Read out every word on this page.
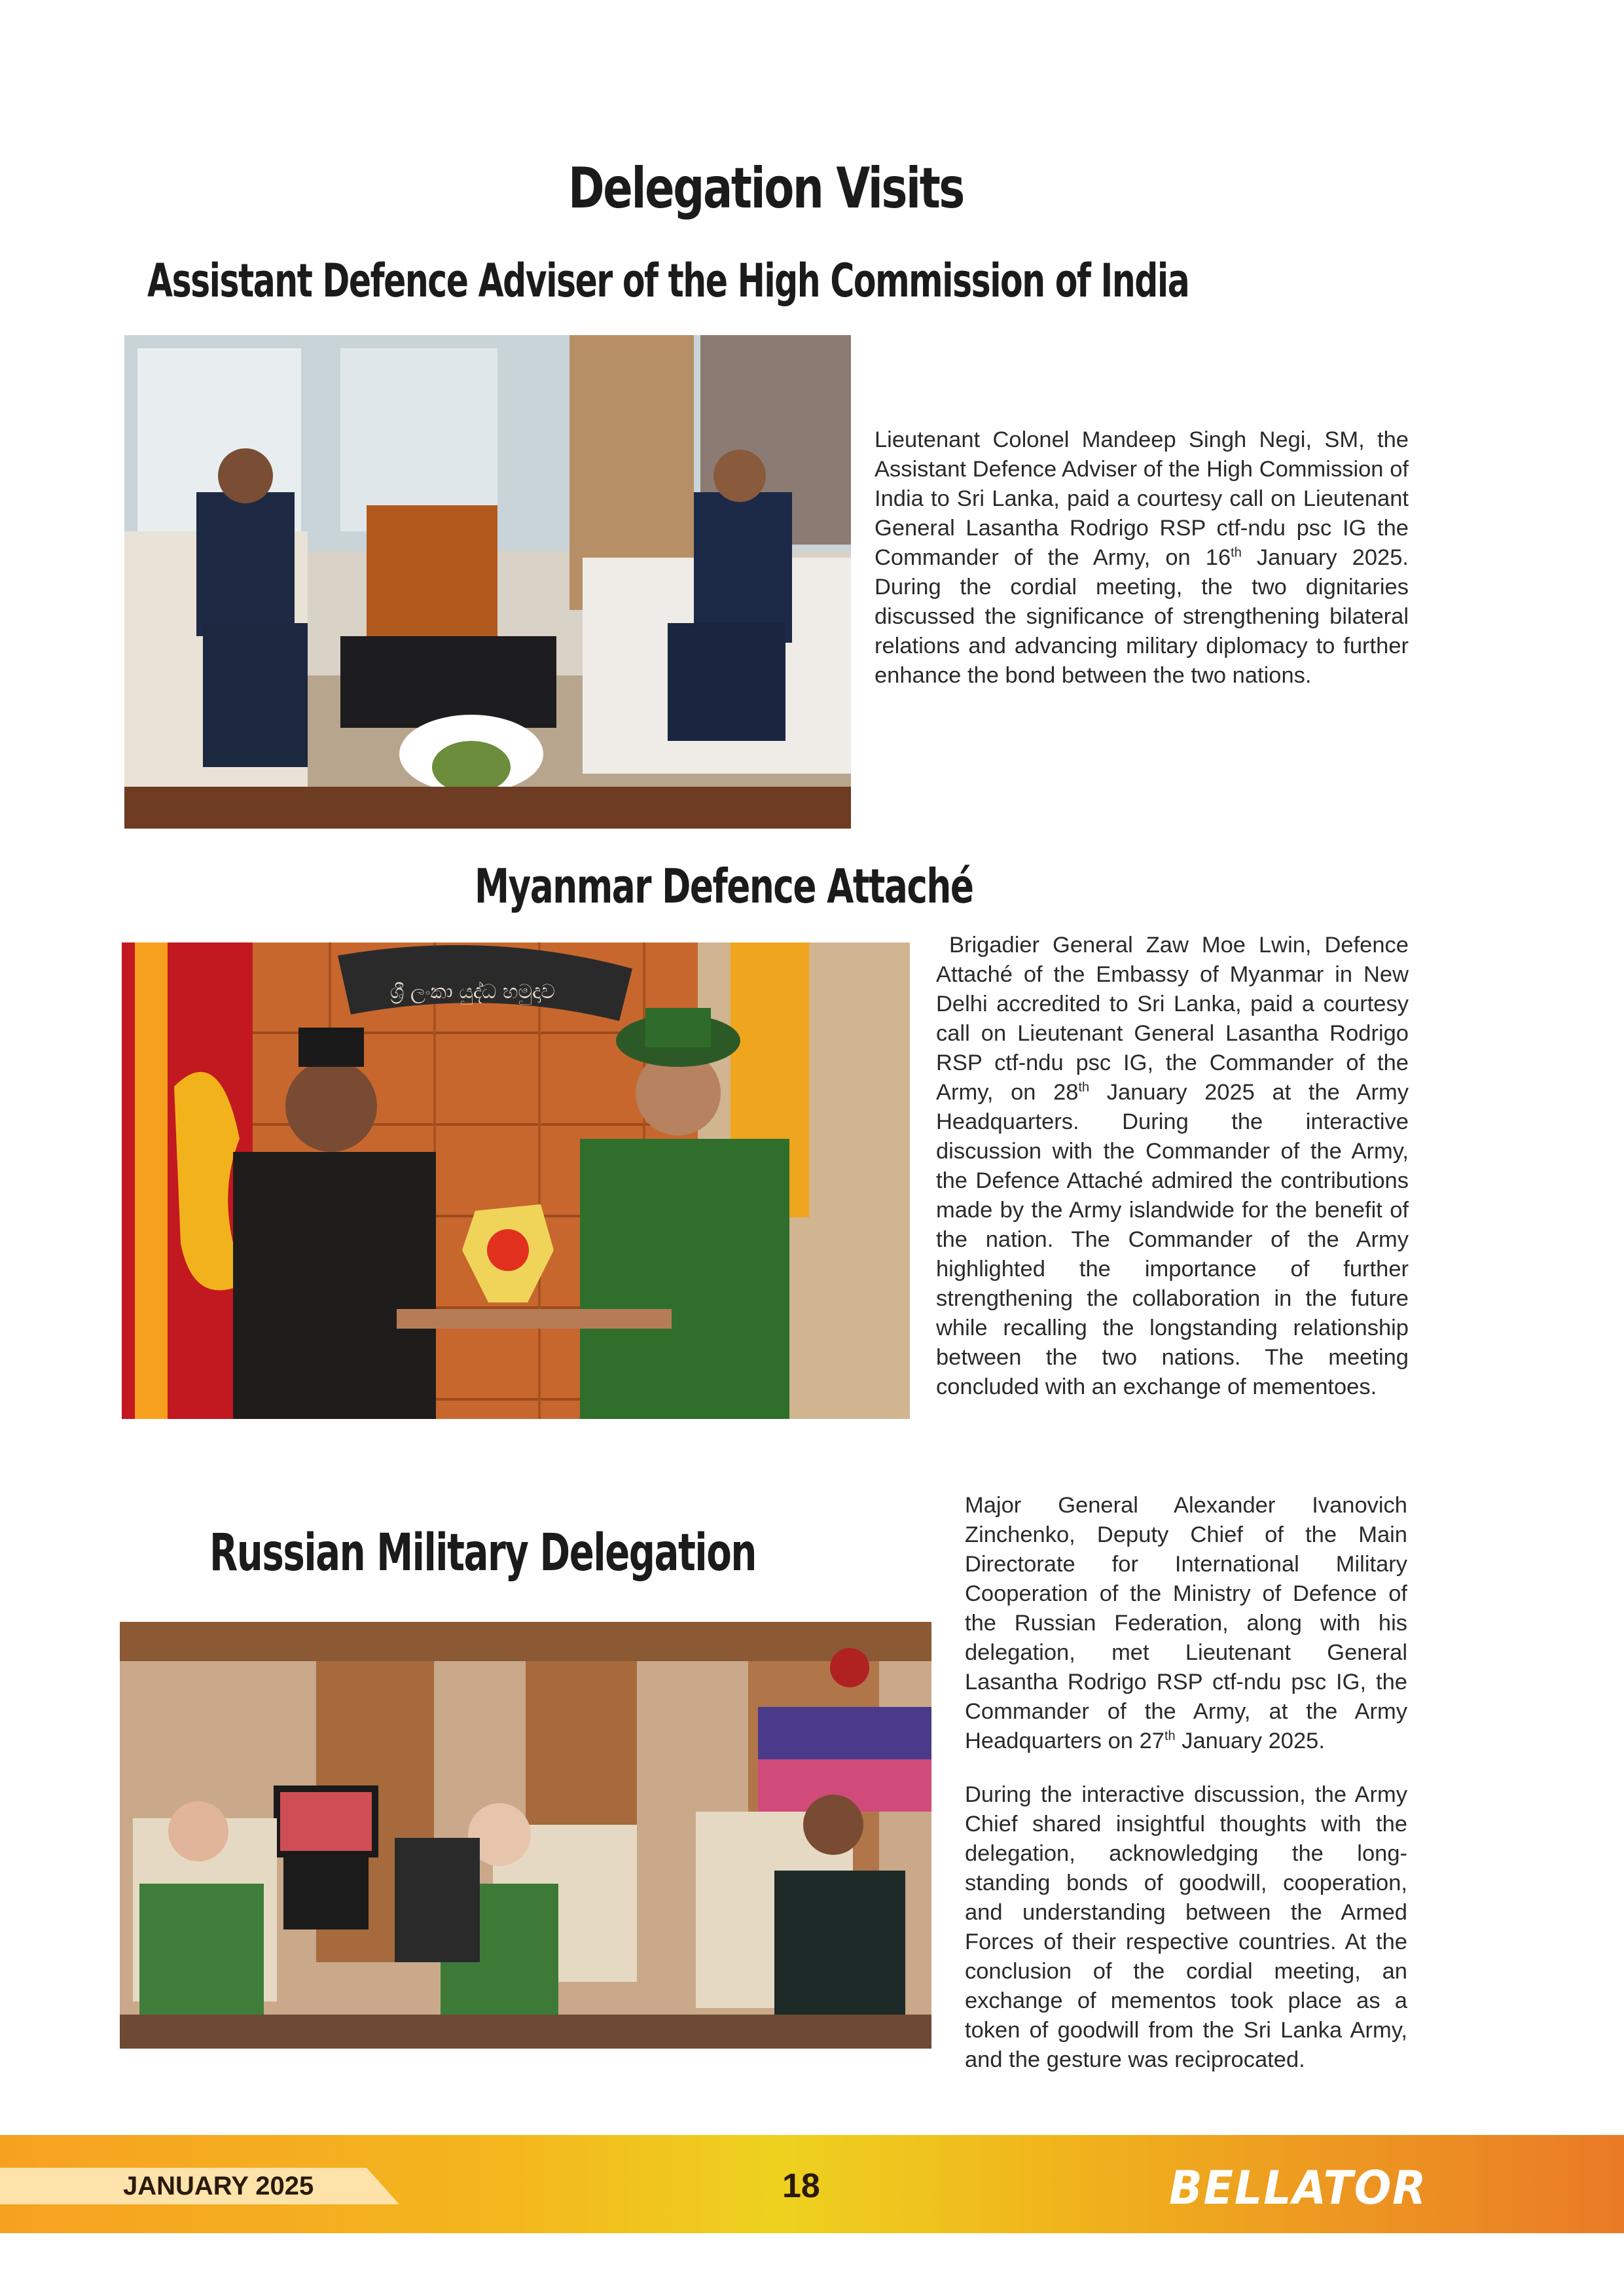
Delegation Visits
Assistant Defence Adviser of the High Commission of India

Lieutenant Colonel Mandeep Singh Negi, SM, the Assistant Defence Adviser of the High Commission of India to Sri Lanka, paid a courtesy call on Lieutenant General Lasantha Rodrigo RSP ctf-ndu psc IG the Commander of the Army, on 16th January 2025. During the cordial meeting, the two dignitaries discussed the significance of strengthening bilateral relations and advancing military diplomacy to further enhance the bond between the two nations.

Myanmar Defence Attaché
ශ්‍රී ලංකා යුද්ධ හමුදාව

Brigadier General Zaw Moe Lwin, Defence Attaché of the Embassy of Myanmar in New Delhi accredited to Sri Lanka, paid a courtesy call on Lieutenant General Lasantha Rodrigo RSP ctf-ndu psc IG, the Commander of the Army, on 28th January 2025 at the Army Headquarters. During the interactive discussion with the Commander of the Army, the Defence Attaché admired the contributions made by the Army islandwide for the benefit of the nation. The Commander of the Army highlighted the importance of further strengthening the collaboration in the future while recalling the longstanding relationship between the two nations. The meeting concluded with an exchange of mementoes.

Russian Military Delegation

Major General Alexander Ivanovich Zinchenko, Deputy Chief of the Main Directorate for International Military Cooperation of the Ministry of Defence of the Russian Federation, along with his delegation, met Lieutenant General Lasantha Rodrigo RSP ctf-ndu psc IG, the Commander of the Army, at the Army Headquarters on 27th January 2025.

During the interactive discussion, the Army Chief shared insightful thoughts with the delegation, acknowledging the long-standing bonds of goodwill, cooperation, and understanding between the Armed Forces of their respective countries. At the conclusion of the cordial meeting, an exchange of mementos took place as a token of goodwill from the Sri Lanka Army, and the gesture was reciprocated.

JANUARY 2025	18	BELLATOR
